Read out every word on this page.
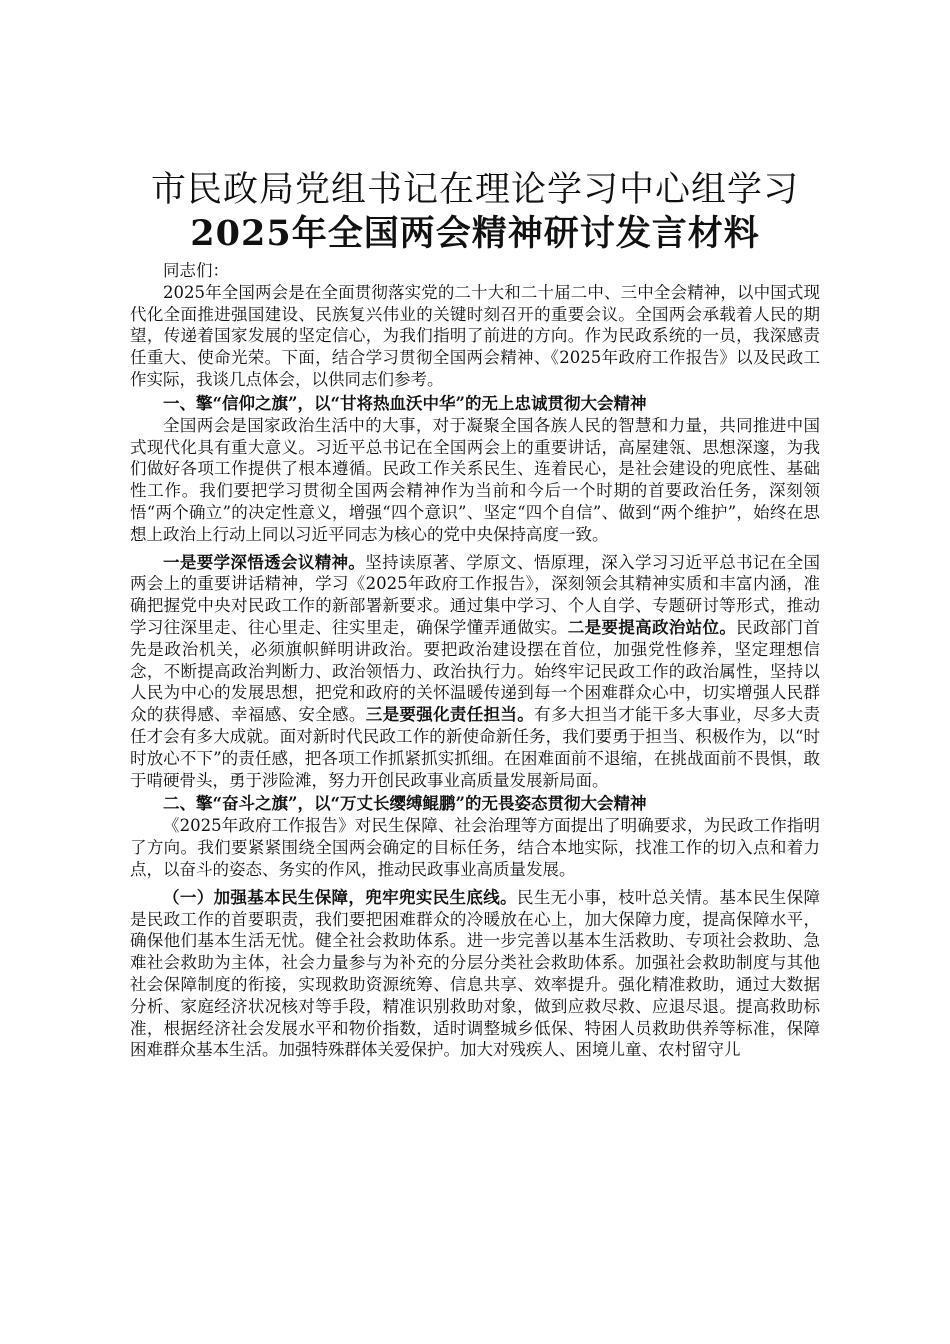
市民政局党组书记在理论学习中心组学习
2025年全国两会精神研讨发言材料

同志们：

2025年全国两会是在全面贯彻落实党的二十大和二十届二中、三中全会精神，以中国式现代化全面推进强国建设、民族复兴伟业的关键时刻召开的重要会议。全国两会承载着人民的期望，传递着国家发展的坚定信心，为我们指明了前进的方向。作为民政系统的一员，我深感责任重大、使命光荣。下面，结合学习贯彻全国两会精神、《2025年政府工作报告》以及民政工作实际，我谈几点体会，以供同志们参考。

一、擎“信仰之旗”，以“甘将热血沃中华”的无上忠诚贯彻大会精神

全国两会是国家政治生活中的大事，对于凝聚全国各族人民的智慧和力量，共同推进中国式现代化具有重大意义。习近平总书记在全国两会上的重要讲话，高屋建瓴、思想深邃，为我们做好各项工作提供了根本遵循。民政工作关系民生、连着民心，是社会建设的兜底性、基础性工作。我们要把学习贯彻全国两会精神作为当前和今后一个时期的首要政治任务，深刻领悟“两个确立”的决定性意义，增强“四个意识”、坚定“四个自信”、做到“两个维护”，始终在思想上政治上行动上同以习近平同志为核心的党中央保持高度一致。

一是要学深悟透会议精神。坚持读原著、学原文、悟原理，深入学习习近平总书记在全国两会上的重要讲话精神，学习《2025年政府工作报告》，深刻领会其精神实质和丰富内涵，准确把握党中央对民政工作的新部署新要求。通过集中学习、个人自学、专题研讨等形式，推动学习往深里走、往心里走、往实里走，确保学懂弄通做实。二是要提高政治站位。民政部门首先是政治机关，必须旗帜鲜明讲政治。要把政治建设摆在首位，加强党性修养，坚定理想信念，不断提高政治判断力、政治领悟力、政治执行力。始终牢记民政工作的政治属性，坚持以人民为中心的发展思想，把党和政府的关怀温暖传递到每一个困难群众心中，切实增强人民群众的获得感、幸福感、安全感。三是要强化责任担当。有多大担当才能干多大事业，尽多大责任才会有多大成就。面对新时代民政工作的新使命新任务，我们要勇于担当、积极作为，以“时时放心不下”的责任感，把各项工作抓紧抓实抓细。在困难面前不退缩，在挑战面前不畏惧，敢于啃硬骨头，勇于涉险滩，努力开创民政事业高质量发展新局面。

二、擎“奋斗之旗”，以“万丈长缨缚鲲鹏”的无畏姿态贯彻大会精神

《2025年政府工作报告》对民生保障、社会治理等方面提出了明确要求，为民政工作指明了方向。我们要紧紧围绕全国两会确定的目标任务，结合本地实际，找准工作的切入点和着力点，以奋斗的姿态、务实的作风，推动民政事业高质量发展。

（一）加强基本民生保障，兜牢兜实民生底线。民生无小事，枝叶总关情。基本民生保障是民政工作的首要职责，我们要把困难群众的冷暖放在心上，加大保障力度，提高保障水平，确保他们基本生活无忧。健全社会救助体系。进一步完善以基本生活救助、专项社会救助、急难社会救助为主体，社会力量参与为补充的分层分类社会救助体系。加强社会救助制度与其他社会保障制度的衔接，实现救助资源统筹、信息共享、效率提升。强化精准救助，通过大数据分析、家庭经济状况核对等手段，精准识别救助对象，做到应救尽救、应退尽退。提高救助标准，根据经济社会发展水平和物价指数，适时调整城乡低保、特困人员救助供养等标准，保障困难群众基本生活。加强特殊群体关爱保护。加大对残疾人、困境儿童、农村留守儿
